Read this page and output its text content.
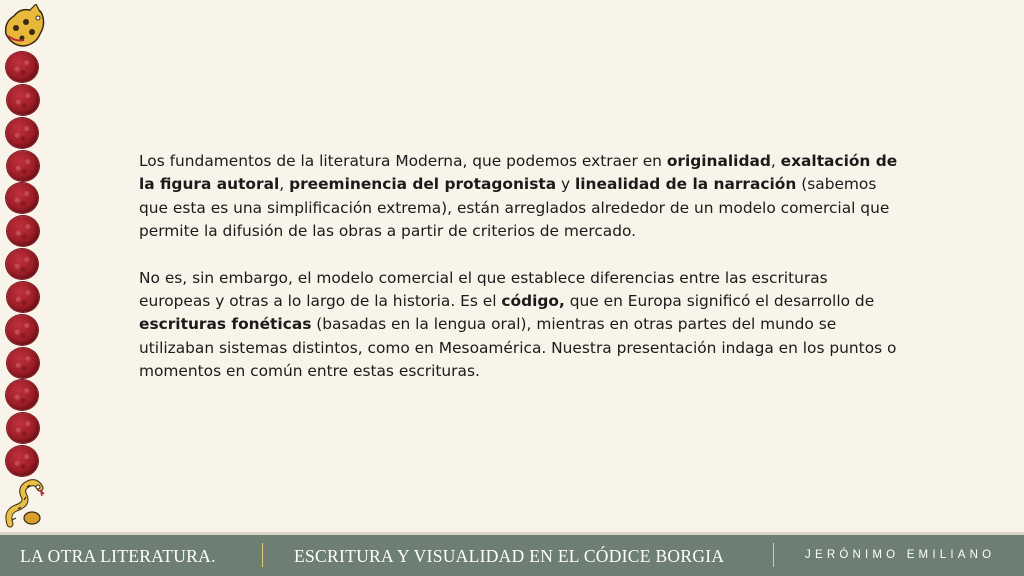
Los fundamentos de la literatura Moderna, que podemos extraer en originalidad, exaltación de la figura autoral, preeminencia del protagonista y linealidad de la narración (sabemos que esta es una simplificación extrema), están arreglados alrededor de un modelo comercial que permite la difusión de las obras a partir de criterios de mercado.

No es, sin embargo, el modelo comercial el que establece diferencias entre las escrituras europeas y otras a lo largo de la historia. Es el código, que en Europa significó el desarrollo de escrituras fonéticas (basadas en la lengua oral), mientras en otras partes del mundo se utilizaban sistemas distintos, como en Mesoamérica. Nuestra presentación indaga en los puntos o momentos en común entre estas escrituras.

LA OTRA LITERATURA.	ESCRITURA Y VISUALIDAD EN EL CÓDICE BORGIA	JERÓNIMO EMILIANO
